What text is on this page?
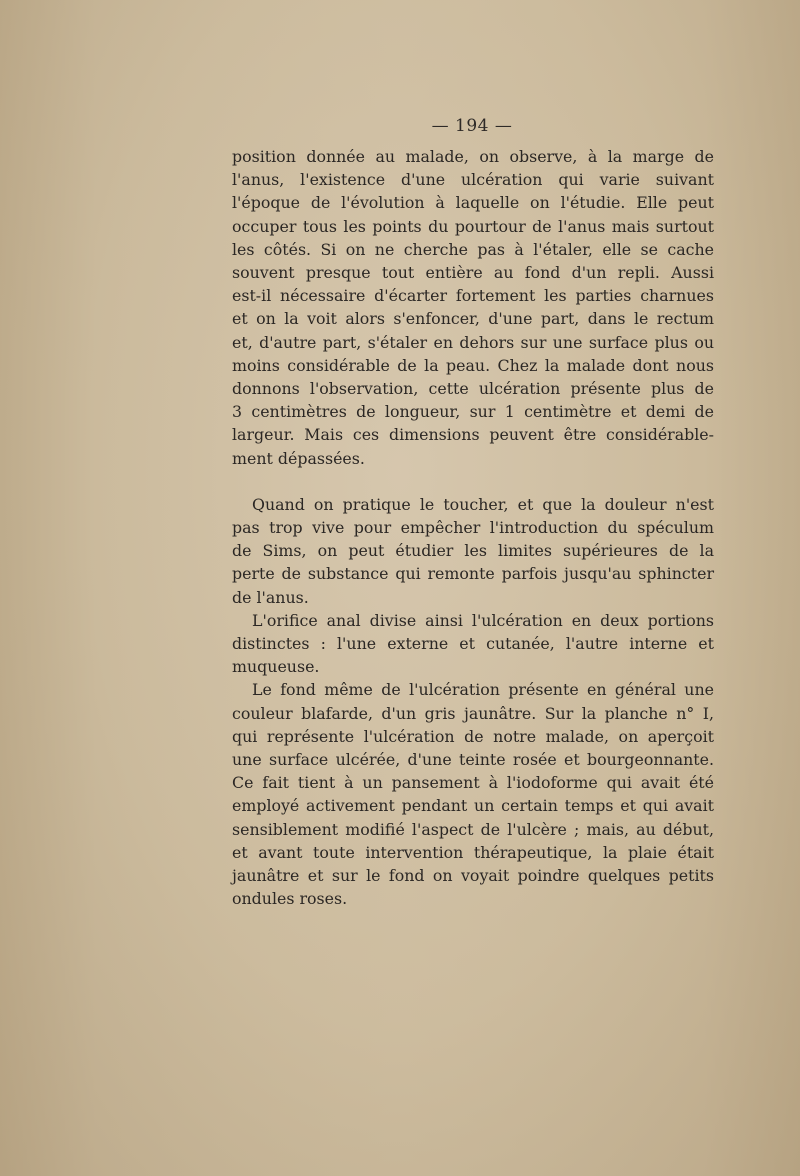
— 194 —
position donnée au malade, on observe, à la marge de
l'anus, l'existence d'une ulcération qui varie suivant
l'époque de l'évolution à laquelle on l'étudie. Elle peut
occuper tous les points du pourtour de l'anus mais surtout
les côtés. Si on ne cherche pas à l'étaler, elle se cache
souvent presque tout entière au fond d'un repli. Aussi
est-il nécessaire d'écarter fortement les parties charnues
et on la voit alors s'enfoncer, d'une part, dans le rectum
et, d'autre part, s'étaler en dehors sur une surface plus ou
moins considérable de la peau. Chez la malade dont nous
donnons l'observation, cette ulcération présente plus de
3 centimètres de longueur, sur 1 centimètre et demi de
largeur. Mais ces dimensions peuvent être considérable-
ment dépassées.
Quand on pratique le toucher, et que la douleur n'est
pas trop vive pour empêcher l'introduction du spéculum
de Sims, on peut étudier les limites supérieures de la
perte de substance qui remonte parfois jusqu'au sphincter
de l'anus.
L'orifice anal divise ainsi l'ulcération en deux portions
distinctes : l'une externe et cutanée, l'autre interne et
muqueuse.
Le fond même de l'ulcération présente en général une
couleur blafarde, d'un gris jaunâtre. Sur la planche n° I,
qui représente l'ulcération de notre malade, on aperçoit
une surface ulcérée, d'une teinte rosée et bourgeonnante.
Ce fait tient à un pansement à l'iodoforme qui avait été
employé activement pendant un certain temps et qui avait
sensiblement modifié l'aspect de l'ulcère ; mais, au début,
et avant toute intervention thérapeutique, la plaie était
jaunâtre et sur le fond on voyait poindre quelques petits
ondules roses.
